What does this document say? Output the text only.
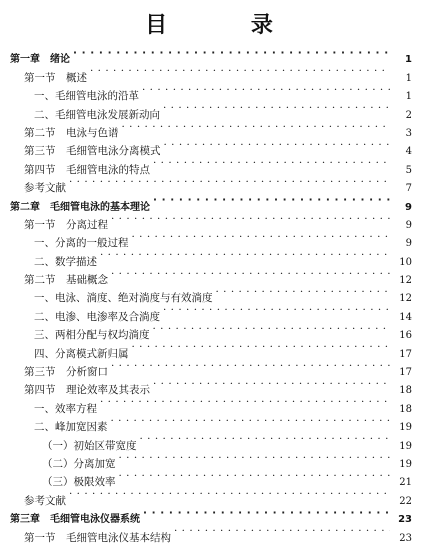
目 录
第一章　绪论 · · ·	1
第一节　概述 · · ·	1
一、毛细管电泳的沿革 · · ·	1
二、毛细管电泳发展新动向 · · ·	2
第二节　电泳与色谱 · · ·	3
第三节　毛细管电泳分离模式 · · ·	4
第四节　毛细管电泳的特点 · · ·	5
参考文献 · · ·	7
第二章　毛细管电泳的基本理论 · · ·	9
第一节　分离过程 · · ·	9
一、分离的一般过程 · · ·	9
二、数学描述 · · ·	10
第二节　基础概念 · · ·	12
一、电泳、淌度、绝对淌度与有效淌度 · · ·	12
二、电渗、电渗率及合淌度 · · ·	14
三、两相分配与权均淌度 · · ·	16
四、分离模式新归属 · · ·	17
第三节　分析窗口 · · ·	17
第四节　理论效率及其表示 · · ·	18
一、效率方程 · · ·	18
二、峰加宽因素 · · ·	19
（一）初始区带宽度 · · ·	19
（二）分离加宽 · · ·	19
（三）极限效率 · · ·	21
参考文献 · · ·	22
第三章　毛细管电泳仪器系统 · · ·	23
第一节　毛细管电泳仪基本结构 · · ·	23
